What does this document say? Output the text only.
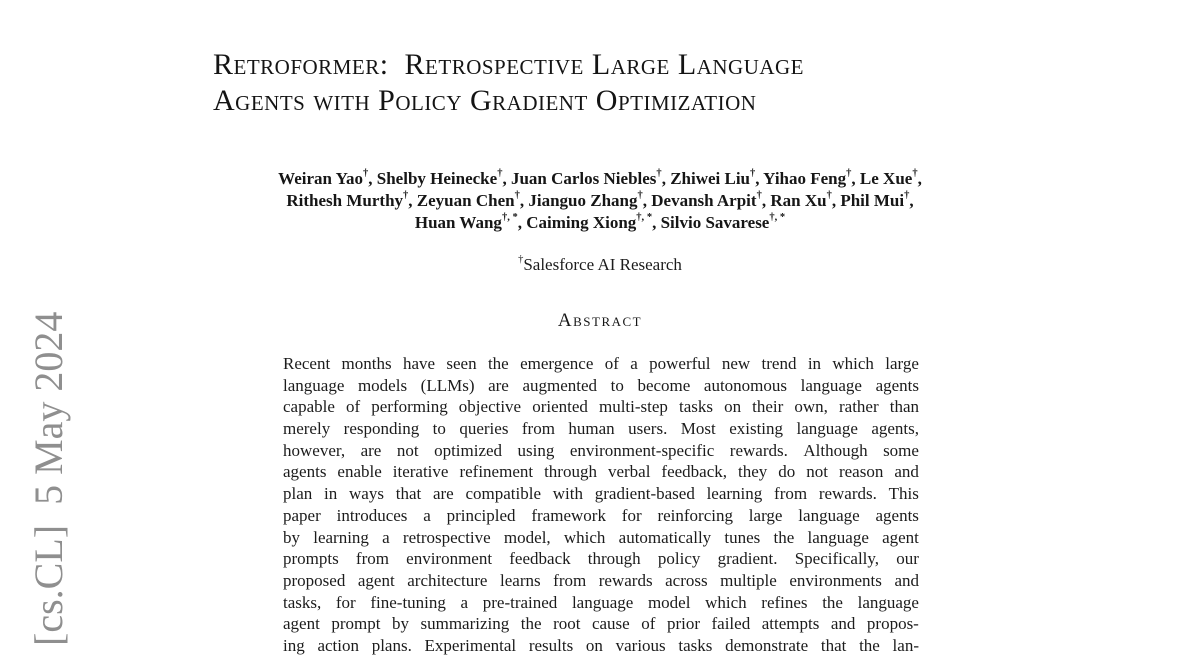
[cs.CL]  5 May 2024
Retroformer:  Retrospective Large Language
Agents with Policy Gradient Optimization
Weiran Yao†, Shelby Heinecke†, Juan Carlos Niebles†, Zhiwei Liu†, Yihao Feng†, Le Xue†,
Rithesh Murthy†, Zeyuan Chen†, Jianguo Zhang†, Devansh Arpit†, Ran Xu†, Phil Mui†,
Huan Wang†, *, Caiming Xiong†, *, Silvio Savarese†, *
†Salesforce AI Research
Abstract
Recent months have seen the emergence of a powerful new trend in which large
language models (LLMs) are augmented to become autonomous language agents
capable of performing objective oriented multi-step tasks on their own, rather than
merely responding to queries from human users. Most existing language agents,
however, are not optimized using environment-specific rewards. Although some
agents enable iterative refinement through verbal feedback, they do not reason and
plan in ways that are compatible with gradient-based learning from rewards. This
paper introduces a principled framework for reinforcing large language agents
by learning a retrospective model, which automatically tunes the language agent
prompts from environment feedback through policy gradient. Specifically, our
proposed agent architecture learns from rewards across multiple environments and
tasks, for fine-tuning a pre-trained language model which refines the language
agent prompt by summarizing the root cause of prior failed attempts and propos-
ing action plans. Experimental results on various tasks demonstrate that the lan-
